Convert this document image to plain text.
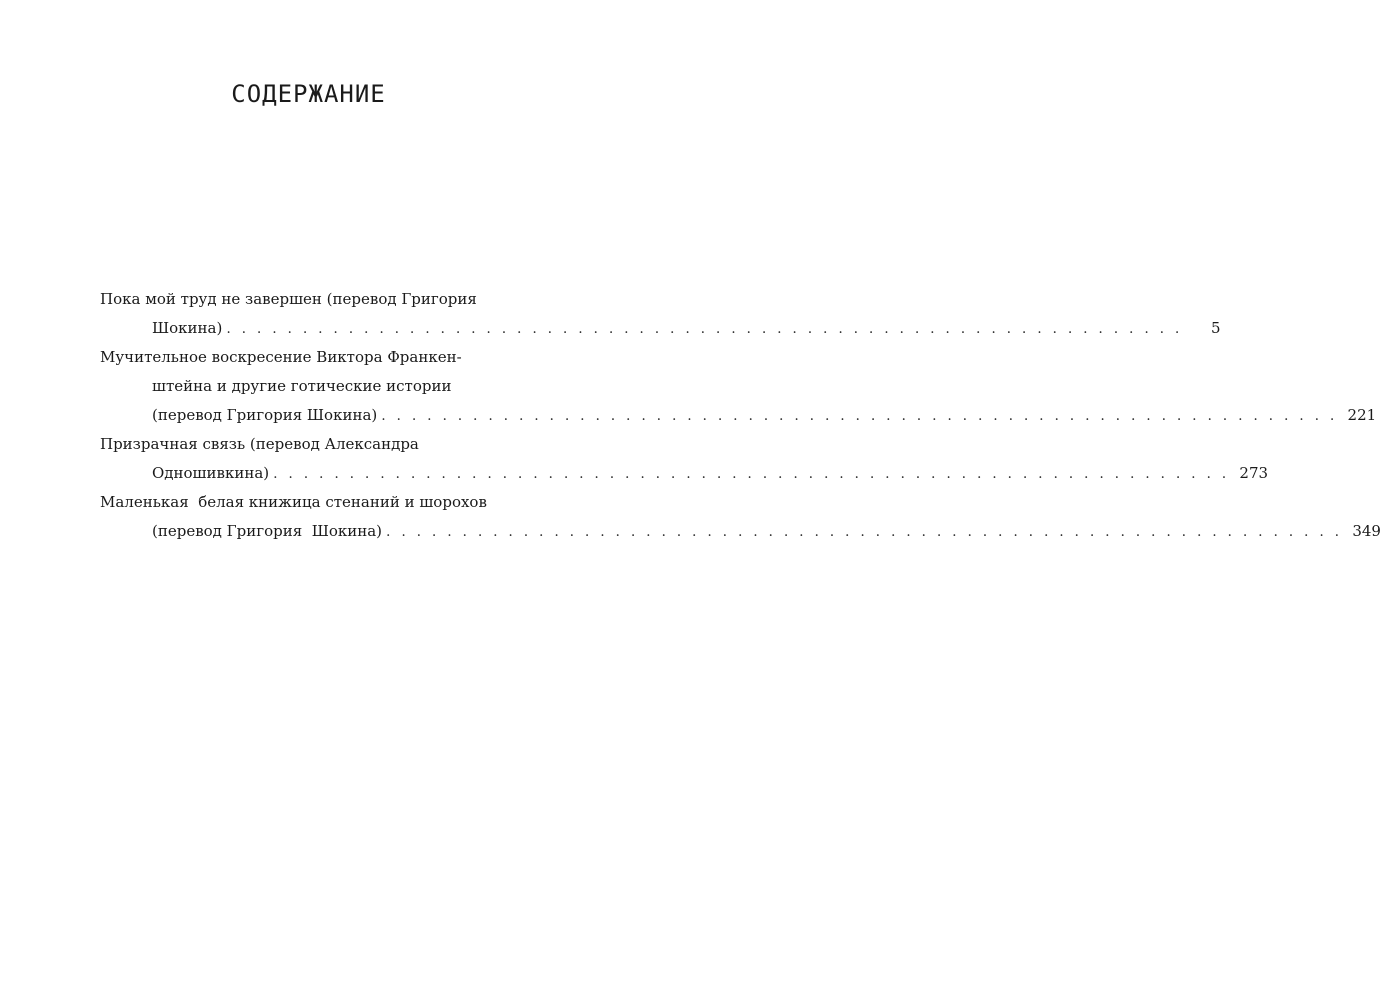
СОДЕРЖАНИЕ
Пока мой труд не завершен (перевод Григория
Шокина) . . . . . . . . . . . . . . . . . . . . . . . . . . . . . . . . . . . . . . . . . . . . . . . . . . . . . . . . . . . . . . .	5
Мучительное воскресение Виктора Франкен-
штейна и другие готические истории
(перевод Григория Шокина) . . . . . . . . . . . . . . . . . . . . . . . . . . . . . . . . . . . . . . . . . . . . . . . . . . . . . . . . . . . . . . . 221
Призрачная связь (перевод Александра
Одношивкина) . . . . . . . . . . . . . . . . . . . . . . . . . . . . . . . . . . . . . . . . . . . . . . . . . . . . . . . . . . . . . . . 273
Маленькая  белая книжица стенаний и шорохов
(перевод Григория  Шокина) . . . . . . . . . . . . . . . . . . . . . . . . . . . . . . . . . . . . . . . . . . . . . . . . . . . . . . . . . . . . . . . 349
